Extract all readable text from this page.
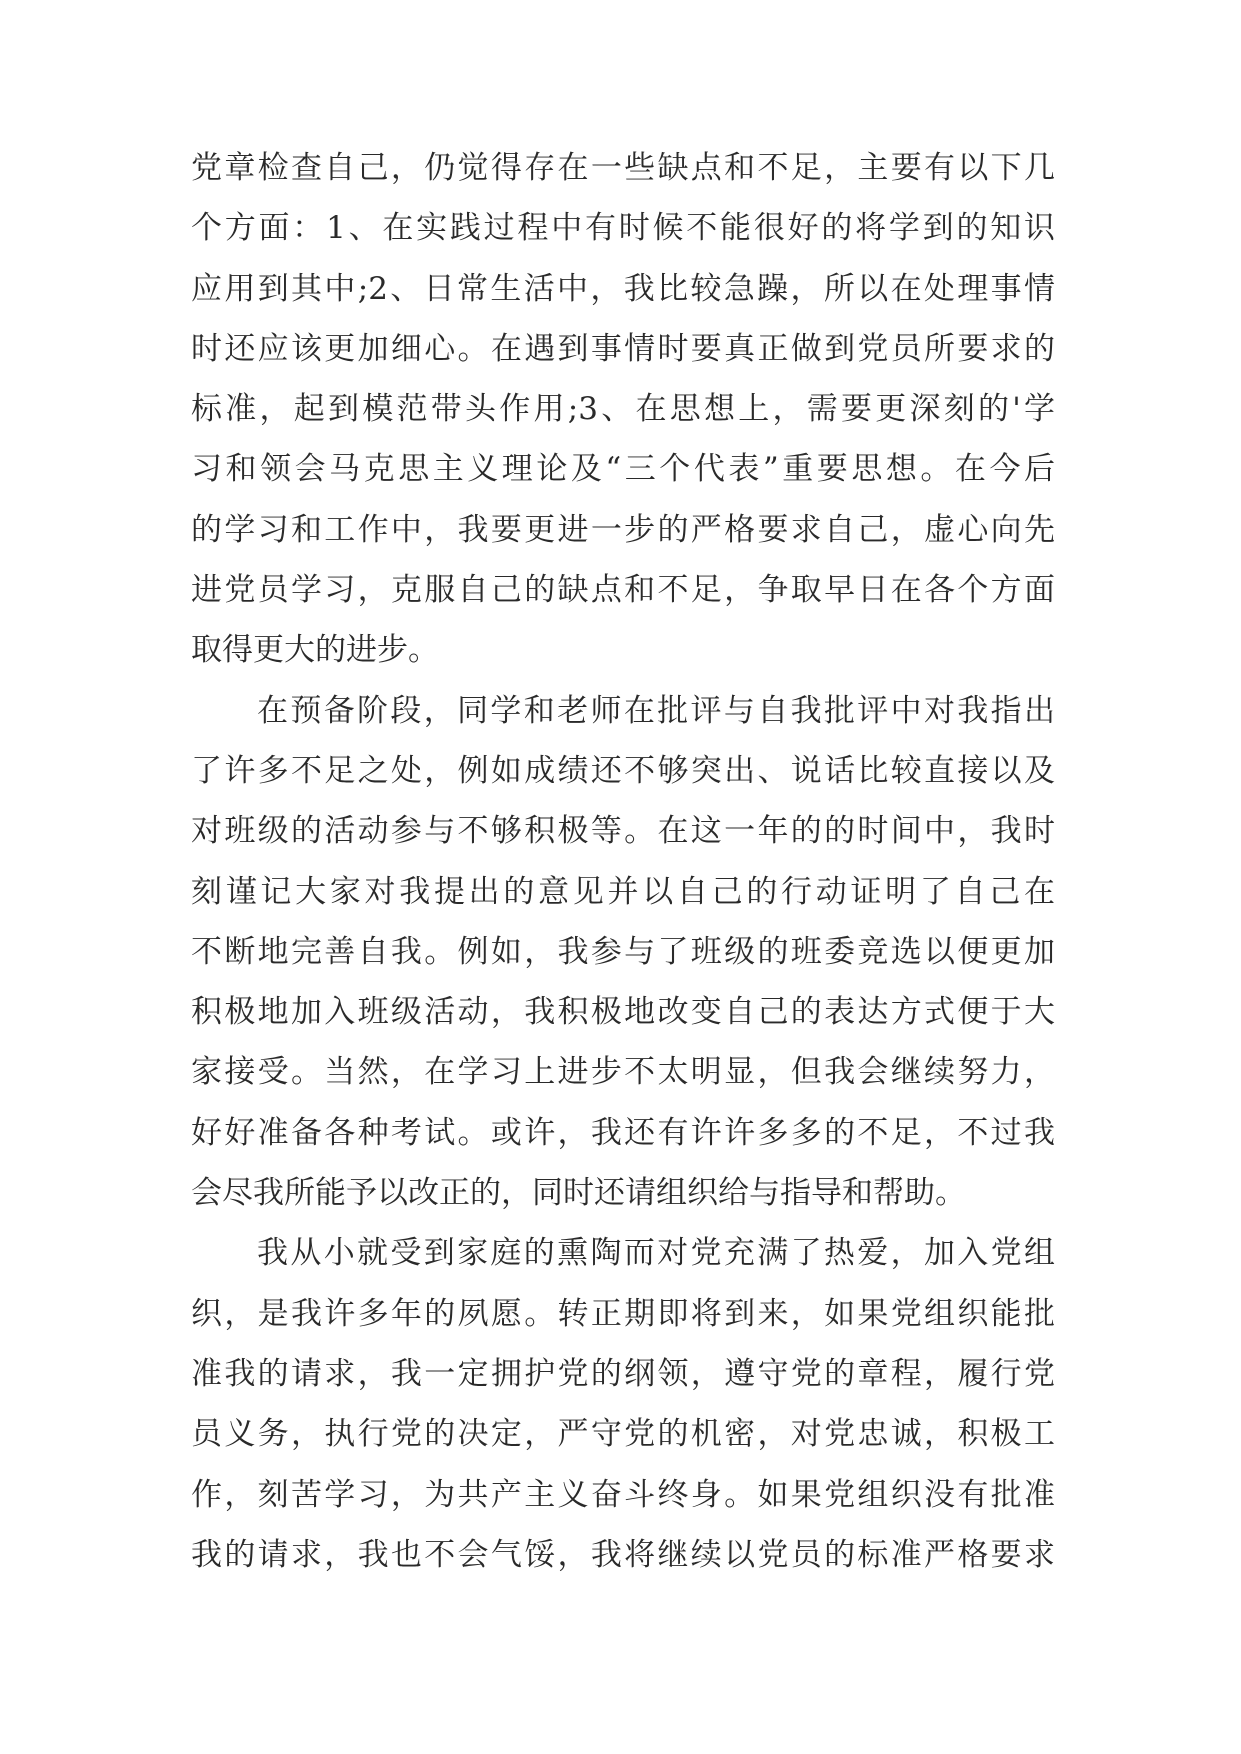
党章检查自己，仍觉得存在一些缺点和不足，主要有以下几
个方面：1、在实践过程中有时候不能很好的将学到的知识
应用到其中;2、日常生活中，我比较急躁，所以在处理事情
时还应该更加细心。在遇到事情时要真正做到党员所要求的
标准，起到模范带头作用;3、在思想上，需要更深刻的'学
习和领会马克思主义理论及“三个代表”重要思想。在今后
的学习和工作中，我要更进一步的严格要求自己，虚心向先
进党员学习，克服自己的缺点和不足，争取早日在各个方面
取得更大的进步。
在预备阶段，同学和老师在批评与自我批评中对我指出
了许多不足之处，例如成绩还不够突出、说话比较直接以及
对班级的活动参与不够积极等。在这一年的的时间中，我时
刻谨记大家对我提出的意见并以自己的行动证明了自己在
不断地完善自我。例如，我参与了班级的班委竞选以便更加
积极地加入班级活动，我积极地改变自己的表达方式便于大
家接受。当然，在学习上进步不太明显，但我会继续努力，
好好准备各种考试。或许，我还有许许多多的不足，不过我
会尽我所能予以改正的，同时还请组织给与指导和帮助。
我从小就受到家庭的熏陶而对党充满了热爱，加入党组
织，是我许多年的夙愿。转正期即将到来，如果党组织能批
准我的请求，我一定拥护党的纲领，遵守党的章程，履行党
员义务，执行党的决定，严守党的机密，对党忠诚，积极工
作，刻苦学习，为共产主义奋斗终身。如果党组织没有批准
我的请求，我也不会气馁，我将继续以党员的标准严格要求
